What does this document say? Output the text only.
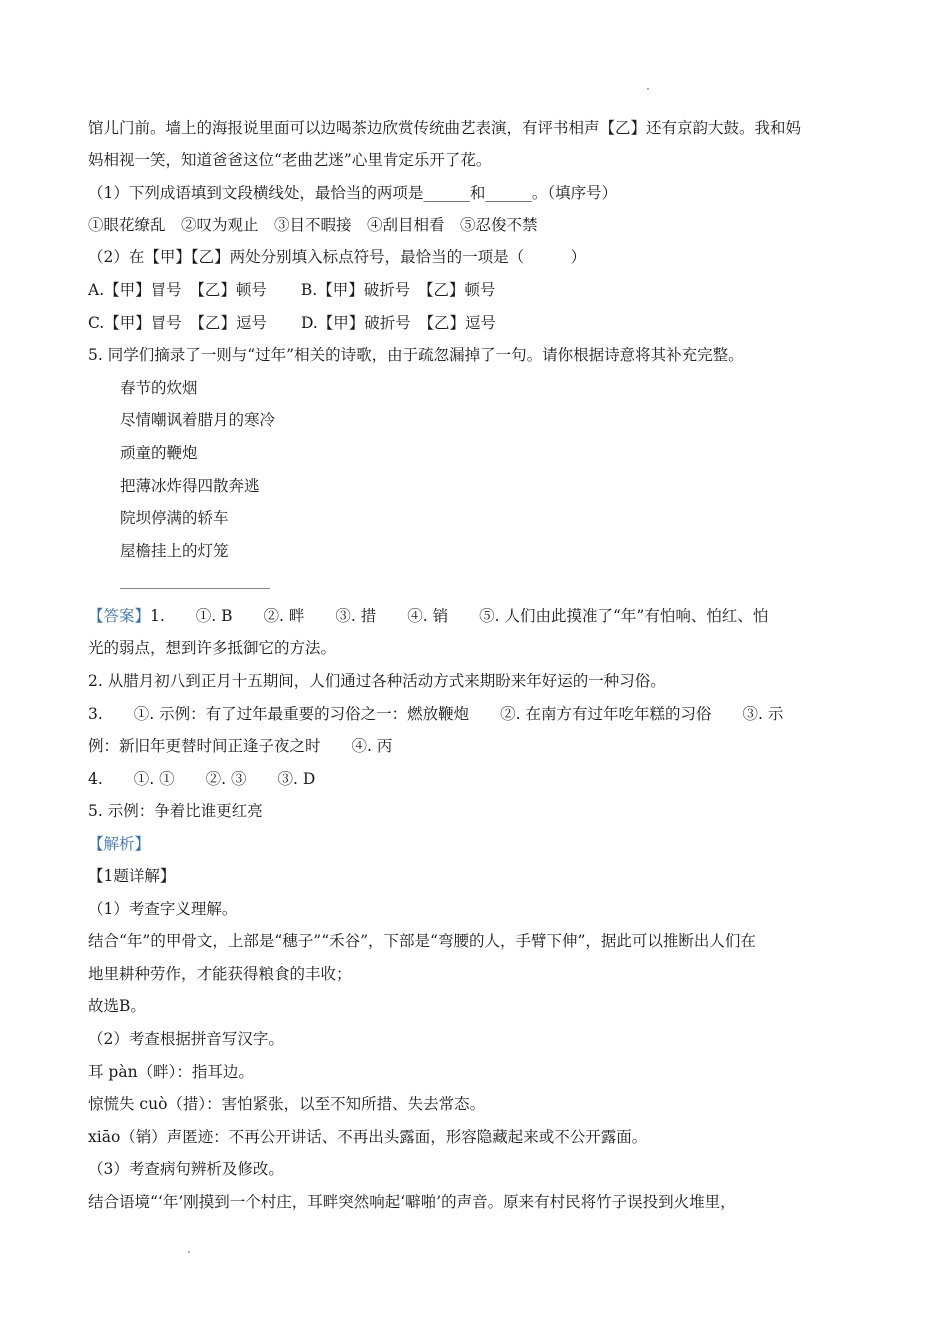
馆儿门前。墙上的海报说里面可以边喝茶边欣赏传统曲艺表演，有评书相声【乙】还有京韵大鼓。我和妈
妈相视一笑，知道爸爸这位“老曲艺迷”心里肯定乐开了花。
（1）下列成语填到文段横线处，最恰当的两项是______和______。（填序号）
①眼花缭乱　②叹为观止　③目不暇接　④刮目相看　⑤忍俊不禁
（2）在【甲】【乙】两处分别填入标点符号，最恰当的一项是（　　　）
A.【甲】冒号　【乙】顿号 B.【甲】破折号　【乙】顿号
C.【甲】冒号　【乙】逗号 D.【甲】破折号　【乙】逗号
5. 同学们摘录了一则与“过年”相关的诗歌，由于疏忽漏掉了一句。请你根据诗意将其补充完整。
春节的炊烟
尽情嘲讽着腊月的寒冷
顽童的鞭炮
把薄冰炸得四散奔逃
院坝停满的轿车
屋檐挂上的灯笼
【答案】1.　　①. B　　②. 畔　　③. 措　　④. 销　　⑤. 人们由此摸准了“年”有怕响、怕红、怕
光的弱点，想到许多抵御它的方法。
2. 从腊月初八到正月十五期间，人们通过各种活动方式来期盼来年好运的一种习俗。
3.　　①. 示例：有了过年最重要的习俗之一：燃放鞭炮　　②. 在南方有过年吃年糕的习俗　　③. 示
例：新旧年更替时间正逢子夜之时　　④. 丙
4.　　①. ①　　②. ③　　③. D
5. 示例：争着比谁更红亮
【解析】
【1题详解】
（1）考查字义理解。
结合“年”的甲骨文，上部是“穗子”“禾谷”，下部是“弯腰的人，手臂下伸”，据此可以推断出人们在
地里耕种劳作，才能获得粮食的丰收；
故选B。
（2）考查根据拼音写汉字。
耳 pàn（畔）：指耳边。
惊慌失 cuò（措）：害怕紧张，以至不知所措、失去常态。
xiāo（销）声匿迹：不再公开讲话、不再出头露面，形容隐藏起来或不公开露面。
（3）考查病句辨析及修改。
结合语境“‘年’刚摸到一个村庄，耳畔突然响起‘噼啪’的声音。原来有村民将竹子误投到火堆里，
